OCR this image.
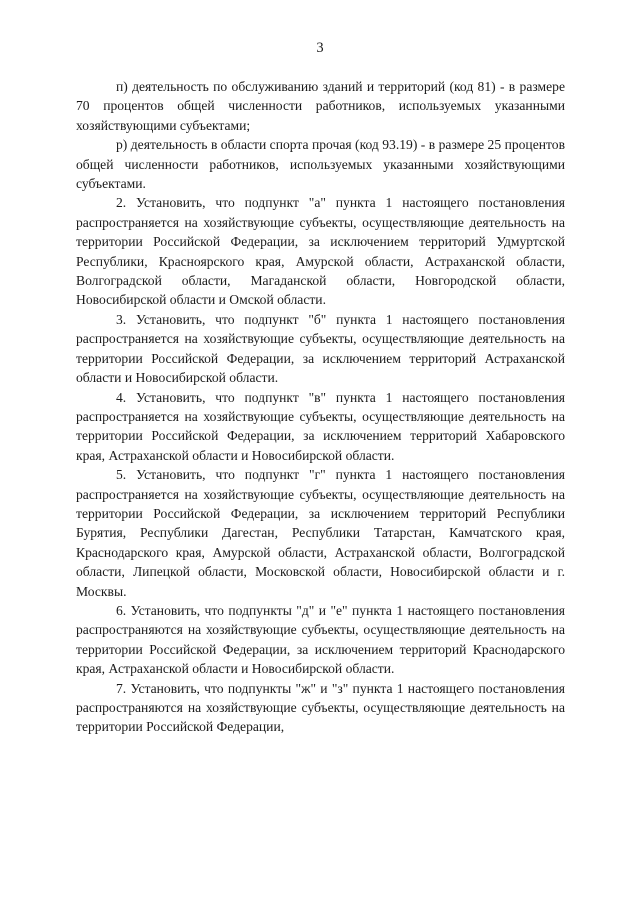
3

п) деятельность по обслуживанию зданий и территорий (код 81) - в размере 70 процентов общей численности работников, используемых указанными хозяйствующими субъектами;

р) деятельность в области спорта прочая (код 93.19) - в размере 25 процентов общей численности работников, используемых указанными хозяйствующими субъектами.

2. Установить, что подпункт "а" пункта 1 настоящего постановления распространяется на хозяйствующие субъекты, осуществляющие деятельность на территории Российской Федерации, за исключением территорий Удмуртской Республики, Красноярского края, Амурской области, Астраханской области, Волгоградской области, Магаданской области, Новгородской области, Новосибирской области и Омской области.

3. Установить, что подпункт "б" пункта 1 настоящего постановления распространяется на хозяйствующие субъекты, осуществляющие деятельность на территории Российской Федерации, за исключением территорий Астраханской области и Новосибирской области.

4. Установить, что подпункт "в" пункта 1 настоящего постановления распространяется на хозяйствующие субъекты, осуществляющие деятельность на территории Российской Федерации, за исключением территорий Хабаровского края, Астраханской области и Новосибирской области.

5. Установить, что подпункт "г" пункта 1 настоящего постановления распространяется на хозяйствующие субъекты, осуществляющие деятельность на территории Российской Федерации, за исключением территорий Республики Бурятия, Республики Дагестан, Республики Татарстан, Камчатского края, Краснодарского края, Амурской области, Астраханской области, Волгоградской области, Липецкой области, Московской области, Новосибирской области и г. Москвы.

6. Установить, что подпункты "д" и "е" пункта 1 настоящего постановления распространяются на хозяйствующие субъекты, осуществляющие деятельность на территории Российской Федерации, за исключением территорий Краснодарского края, Астраханской области и Новосибирской области.

7. Установить, что подпункты "ж" и "з" пункта 1 настоящего постановления распространяются на хозяйствующие субъекты, осуществляющие деятельность на территории Российской Федерации,
